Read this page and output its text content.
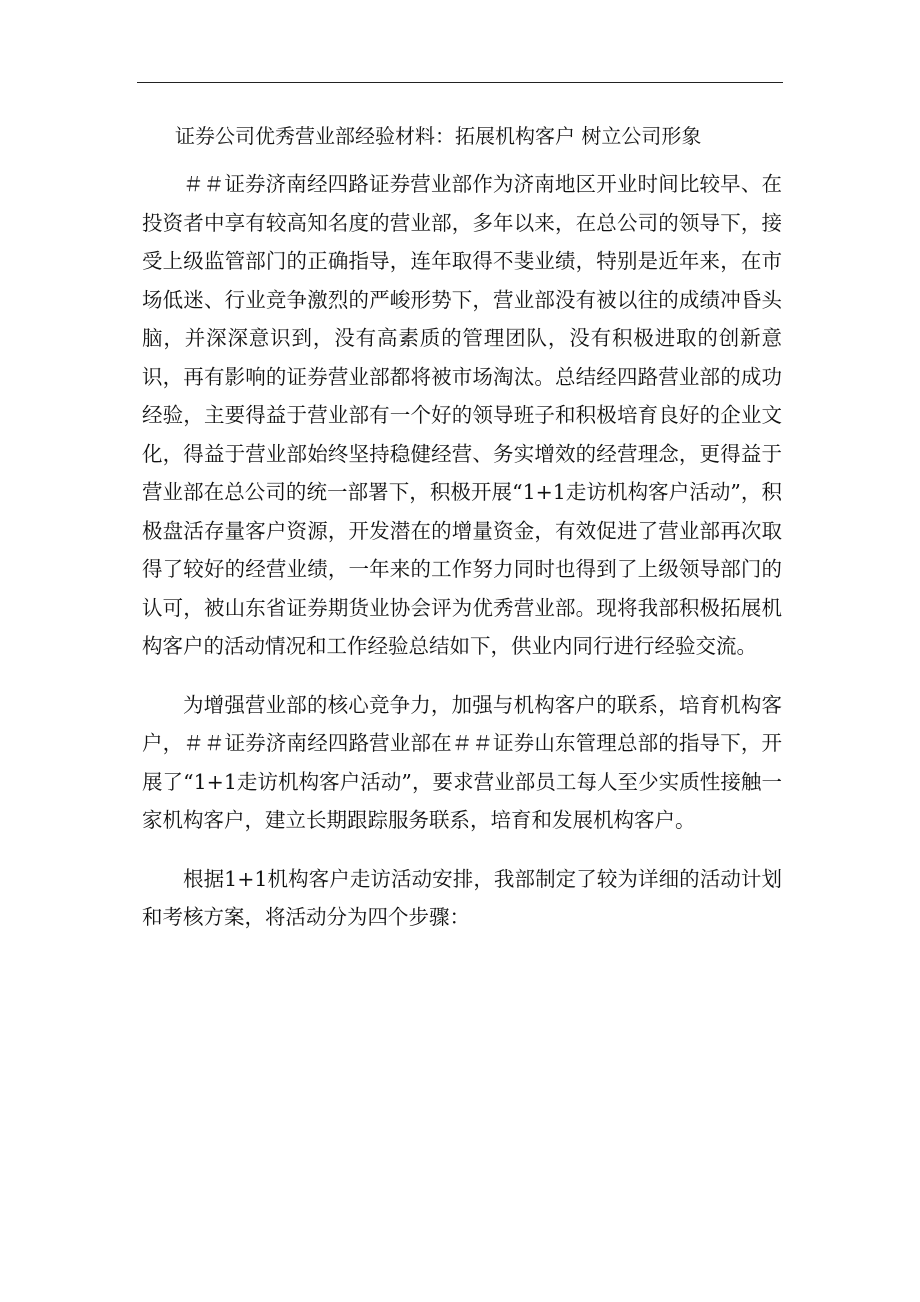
证券公司优秀营业部经验材料：拓展机构客户 树立公司形象

＃＃证券济南经四路证券营业部作为济南地区开业时间比较早、在投资者中享有较高知名度的营业部，多年以来，在总公司的领导下，接受上级监管部门的正确指导，连年取得不斐业绩，特别是近年来，在市场低迷、行业竞争激烈的严峻形势下，营业部没有被以往的成绩冲昏头脑，并深深意识到，没有高素质的管理团队，没有积极进取的创新意识，再有影响的证券营业部都将被市场淘汰。总结经四路营业部的成功经验，主要得益于营业部有一个好的领导班子和积极培育良好的企业文化，得益于营业部始终坚持稳健经营、务实增效的经营理念，更得益于营业部在总公司的统一部署下，积极开展“1+1走访机构客户活动”，积极盘活存量客户资源，开发潜在的增量资金，有效促进了营业部再次取得了较好的经营业绩，一年来的工作努力同时也得到了上级领导部门的认可，被山东省证券期货业协会评为优秀营业部。现将我部积极拓展机构客户的活动情况和工作经验总结如下，供业内同行进行经验交流。

为增强营业部的核心竞争力，加强与机构客户的联系，培育机构客户，＃＃证券济南经四路营业部在＃＃证券山东管理总部的指导下，开展了“1+1走访机构客户活动”，要求营业部员工每人至少实质性接触一家机构客户，建立长期跟踪服务联系，培育和发展机构客户。

根据1+1机构客户走访活动安排，我部制定了较为详细的活动计划和考核方案，将活动分为四个步骤：
